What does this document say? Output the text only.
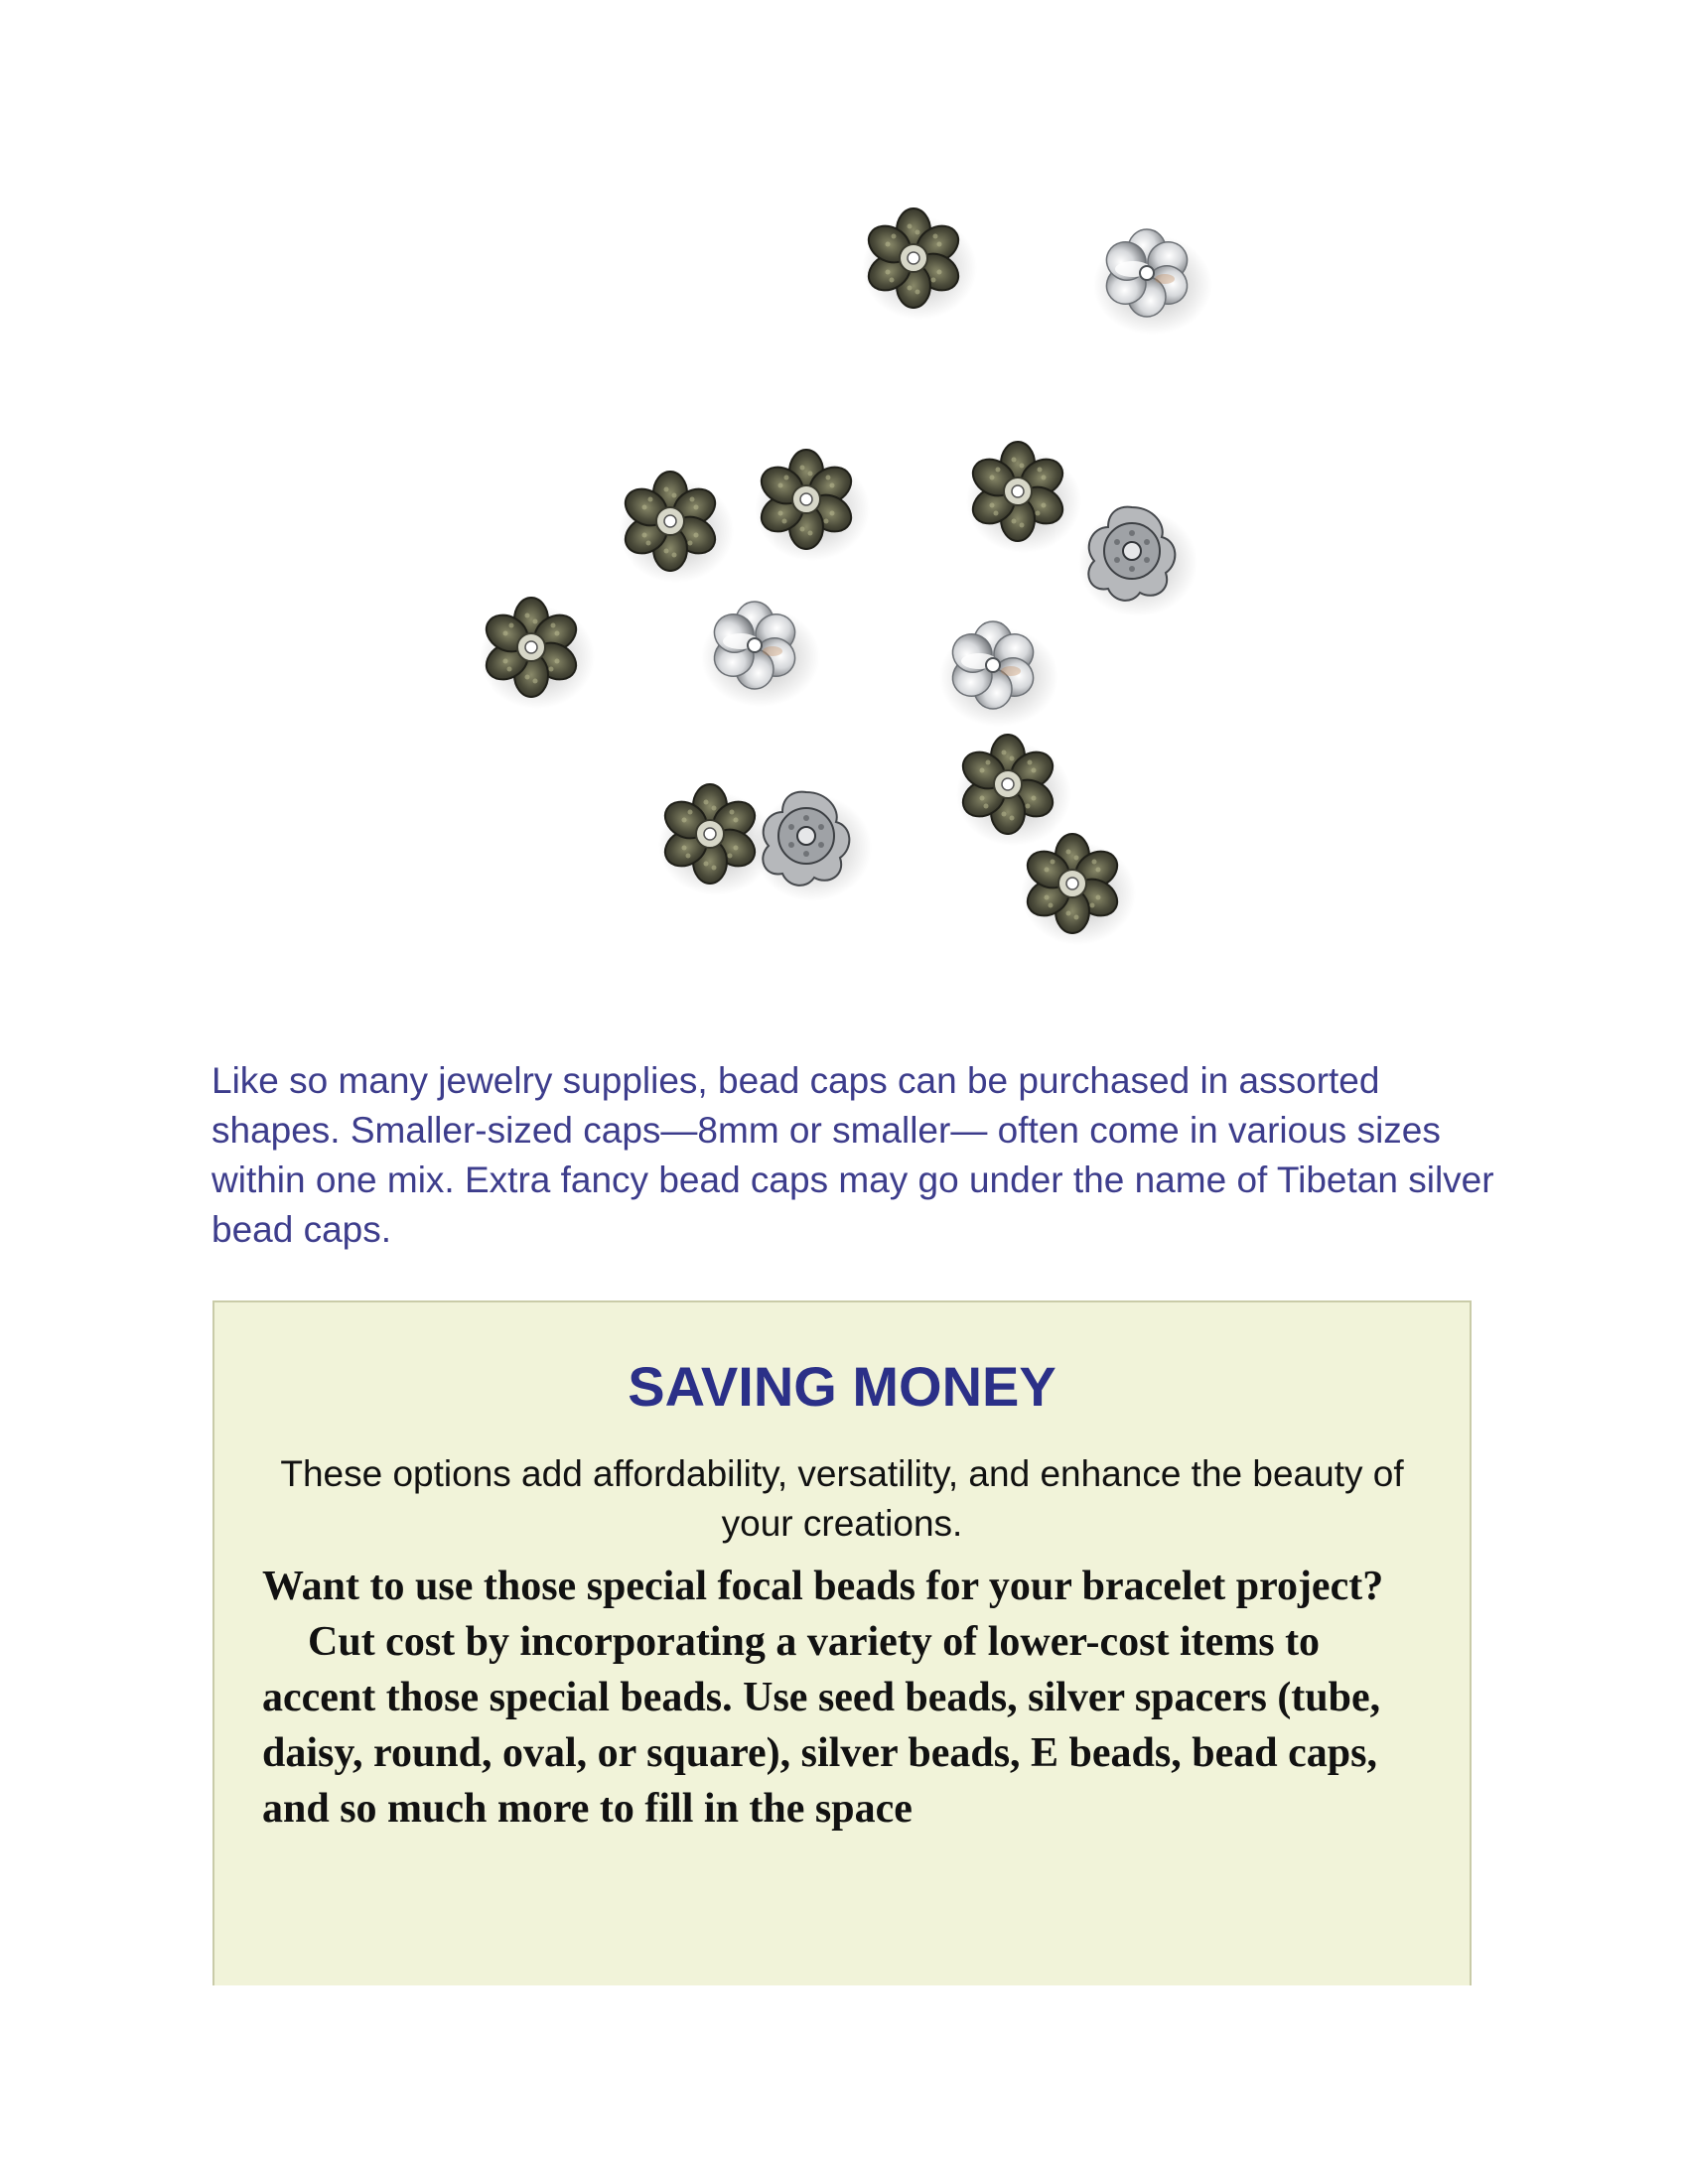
Like so many jewelry supplies, bead caps can be purchased in assorted shapes. Smaller-sized caps—8mm or smaller— often come in various sizes within one mix. Extra fancy bead caps may go under the name of Tibetan silver bead caps.

SAVING MONEY

These options add affordability, versatility, and enhance the beauty of your creations.

Want to use those special focal beads for your bracelet project?
Cut cost by incorporating a variety of lower-cost items to accent those special beads. Use seed beads, silver spacers (tube, daisy, round, oval, or square), silver beads, E beads, bead caps, and so much more to fill in the space
